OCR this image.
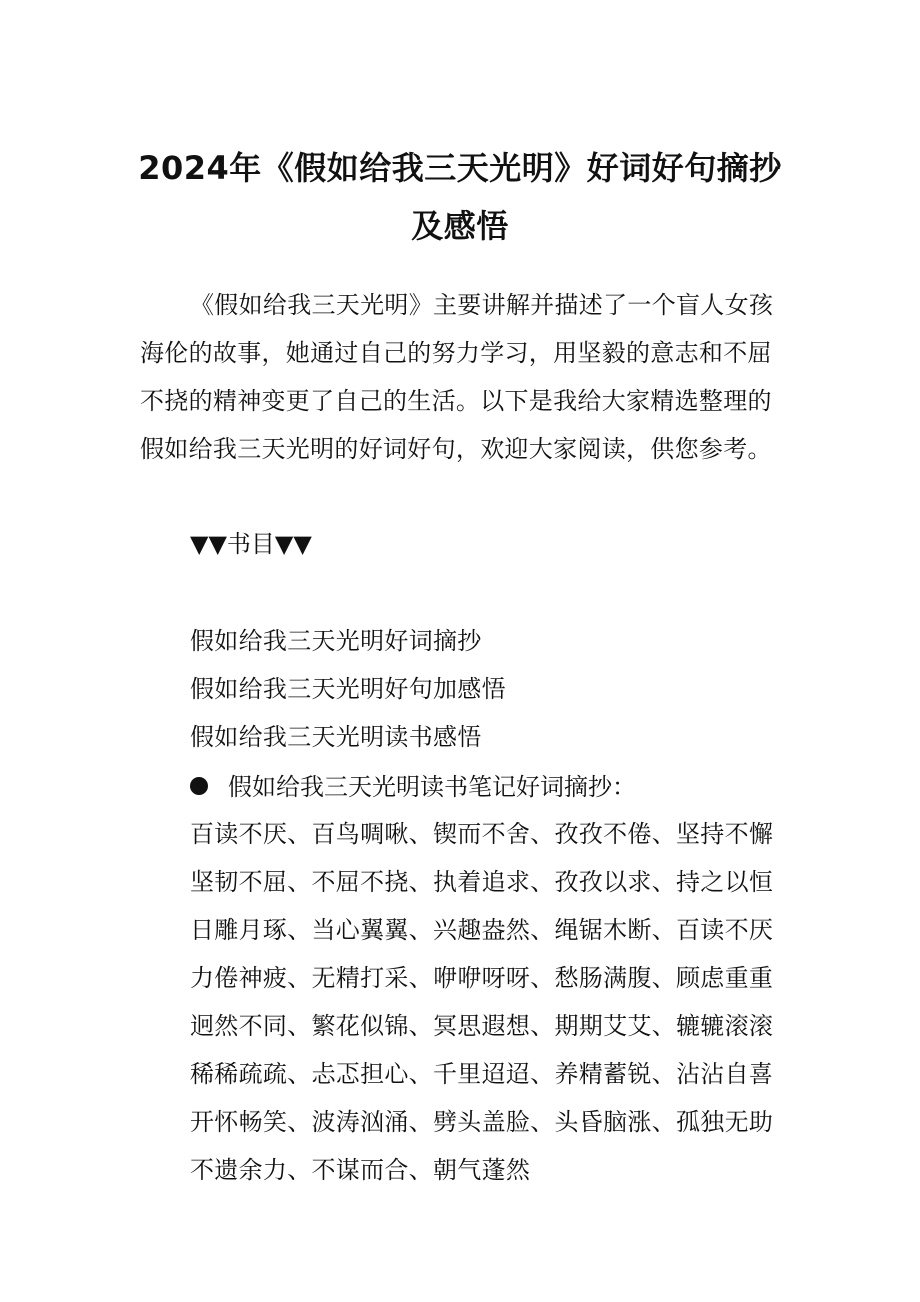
2024年《假如给我三天光明》好词好句摘抄
及感悟
《假如给我三天光明》主要讲解并描述了一个盲人女孩
海伦的故事，她通过自己的努力学习，用坚毅的意志和不屈
不挠的精神变更了自己的生活。以下是我给大家精选整理的
假如给我三天光明的好词好句，欢迎大家阅读，供您参考。
▼▼书目▼▼
假如给我三天光明好词摘抄
假如给我三天光明好句加感悟
假如给我三天光明读书感悟
假如给我三天光明读书笔记好词摘抄：
百读不厌、百鸟啁啾、锲而不舍、孜孜不倦、坚持不懈
坚韧不屈、不屈不挠、执着追求、孜孜以求、持之以恒
日雕月琢、当心翼翼、兴趣盎然、绳锯木断、百读不厌
力倦神疲、无精打采、咿咿呀呀、愁肠满腹、顾虑重重
迥然不同、繁花似锦、冥思遐想、期期艾艾、辘辘滚滚
稀稀疏疏、忐忑担心、千里迢迢、养精蓄锐、沾沾自喜
开怀畅笑、波涛汹涌、劈头盖脸、头昏脑涨、孤独无助
不遗余力、不谋而合、朝气蓬然
